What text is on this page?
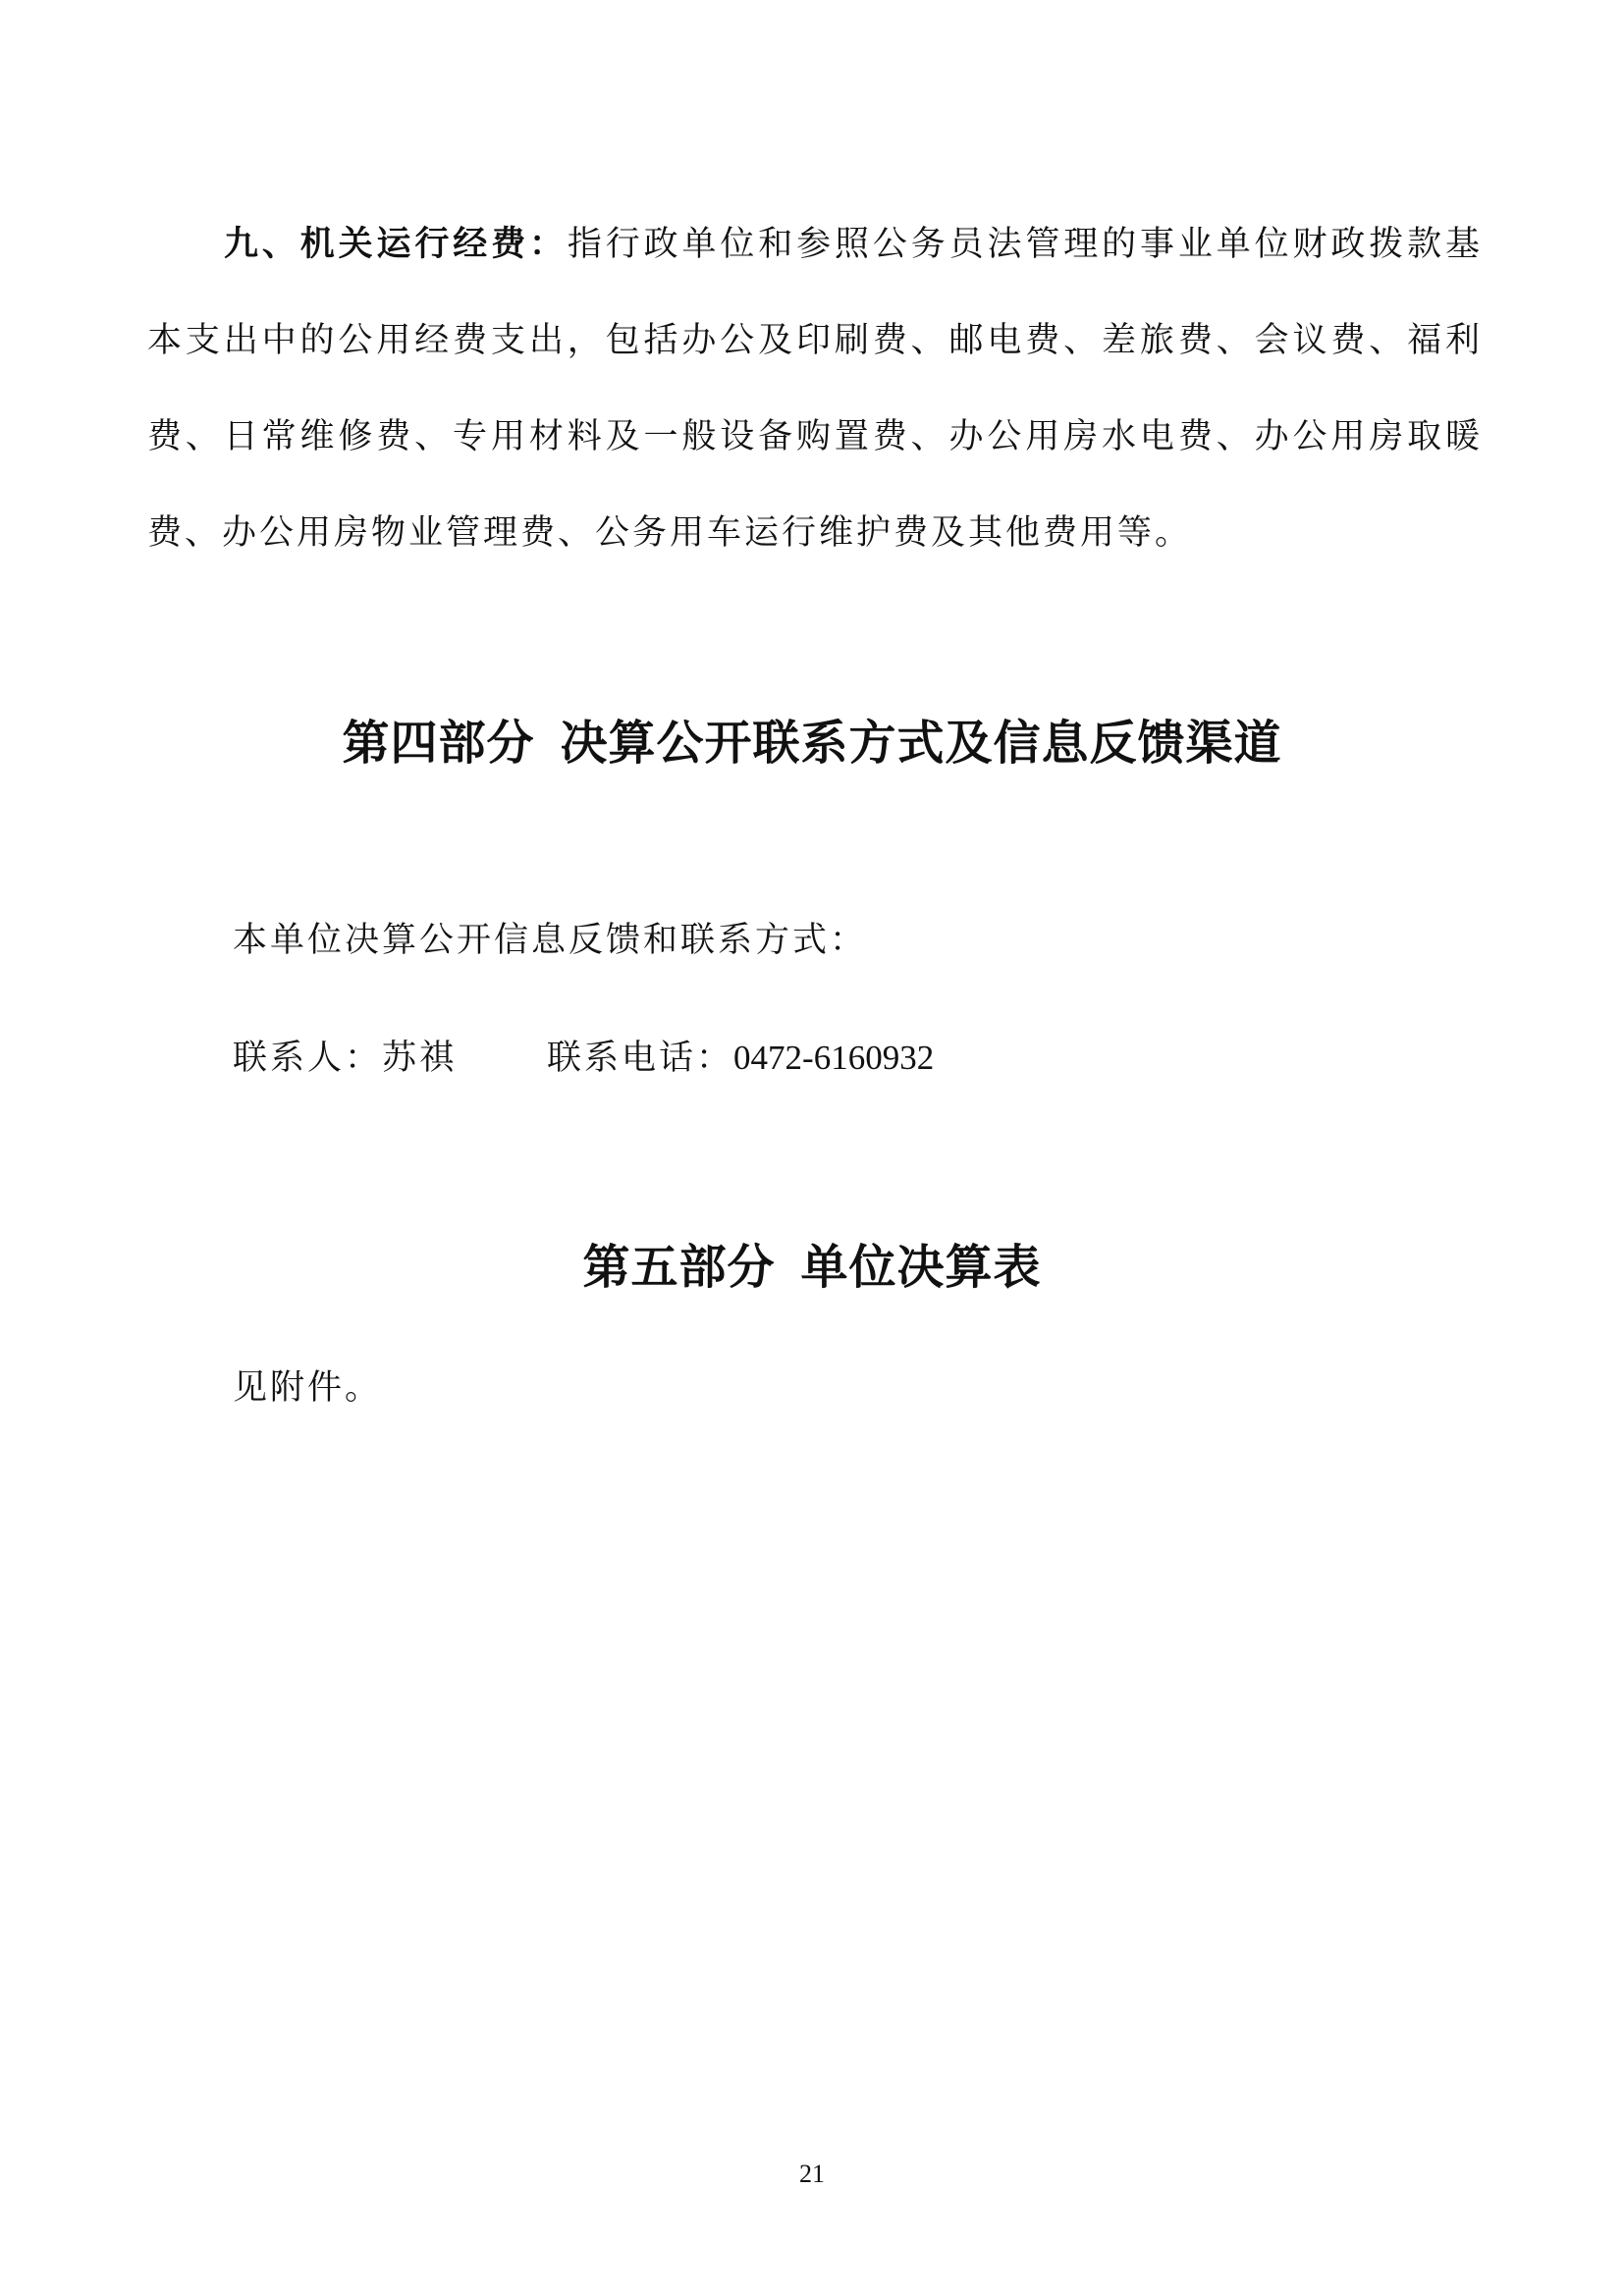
九、机关运行经费：指行政单位和参照公务员法管理的事业单位财政拨款基本支出中的公用经费支出，包括办公及印刷费、邮电费、差旅费、会议费、福利费、日常维修费、专用材料及一般设备购置费、办公用房水电费、办公用房取暖费、办公用房物业管理费、公务用车运行维护费及其他费用等。
第四部分 决算公开联系方式及信息反馈渠道
本单位决算公开信息反馈和联系方式：
联系人：苏祺	联系电话：0472-6160932
第五部分 单位决算表
见附件。
21
